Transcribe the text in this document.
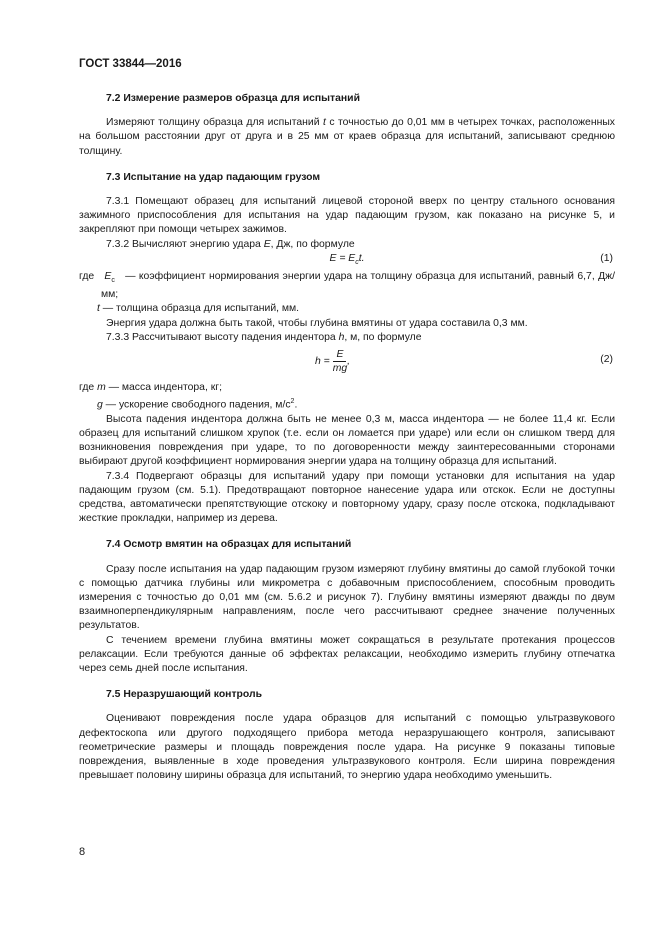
ГОСТ 33844—2016

7.2 Измерение размеров образца для испытаний

Измеряют толщину образца для испытаний t с точностью до 0,01 мм в четырех точках, расположенных на большом расстоянии друг от друга и в 25 мм от краев образца для испытаний, записывают среднюю толщину.

7.3 Испытание на удар падающим грузом

7.3.1 Помещают образец для испытаний лицевой стороной вверх по центру стального основания зажимного приспособления для испытания на удар падающим грузом, как показано на рисунке 5, и закрепляют при помощи четырех зажимов.

7.3.2 Вычисляют энергию удара E, Дж, по формуле

$E = E_ct$.	(1)
где $E_c$   — коэффициент нормирования энергии удара на толщину образца для испытаний, равный 6,7, Дж/мм;

t — толщина образца для испытаний, мм.

Энергия удара должна быть такой, чтобы глубина вмятины от удара составила 0,3 мм.

7.3.3 Рассчитывают высоту падения индентора h, м, по формуле

$h = \frac{E}{mg}$ ,	(2)

где m — масса индентора, кг;

g — ускорение свободного падения, $м/с^2$.

Высота падения индентора должна быть не менее 0,3 м, масса индентора — не более 11,4 кг. Если образец для испытаний слишком хрупок (т.е. если он ломается при ударе) или если он слишком тверд для возникновения повреждения при ударе, то по договоренности между заинтересованными сторонами выбирают другой коэффициент нормирования энергии удара на толщину образца для испытаний.

7.3.4 Подвергают образцы для испытаний удару при помощи установки для испытания на удар падающим грузом (см. 5.1). Предотвращают повторное нанесение удара или отскок. Если не доступны средства, автоматически препятствующие отскоку и повторному удару, сразу после отскока, подкладывают жесткие прокладки, например из дерева.

7.4 Осмотр вмятин на образцах для испытаний

Сразу после испытания на удар падающим грузом измеряют глубину вмятины до самой глубокой точки с помощью датчика глубины или микрометра с добавочным приспособлением, способным проводить измерения с точностью до 0,01 мм (см. 5.6.2 и рисунок 7). Глубину вмятины измеряют дважды по двум взаимноперпендикулярным направлениям, после чего рассчитывают среднее значение полученных результатов.

С течением времени глубина вмятины может сокращаться в результате протекания процессов релаксации. Если требуются данные об эффектах релаксации, необходимо измерить глубину отпечатка через семь дней после испытания.

7.5 Неразрушающий контроль

Оценивают повреждения после удара образцов для испытаний с помощью ультразвукового дефектоскопа или другого подходящего прибора метода неразрушающего контроля, записывают геометрические размеры и площадь повреждения после удара. На рисунке 9 показаны типовые повреждения, выявленные в ходе проведения ультразвукового контроля. Если ширина повреждения превышает половину ширины образца для испытаний, то энергию удара необходимо уменьшить.

8
